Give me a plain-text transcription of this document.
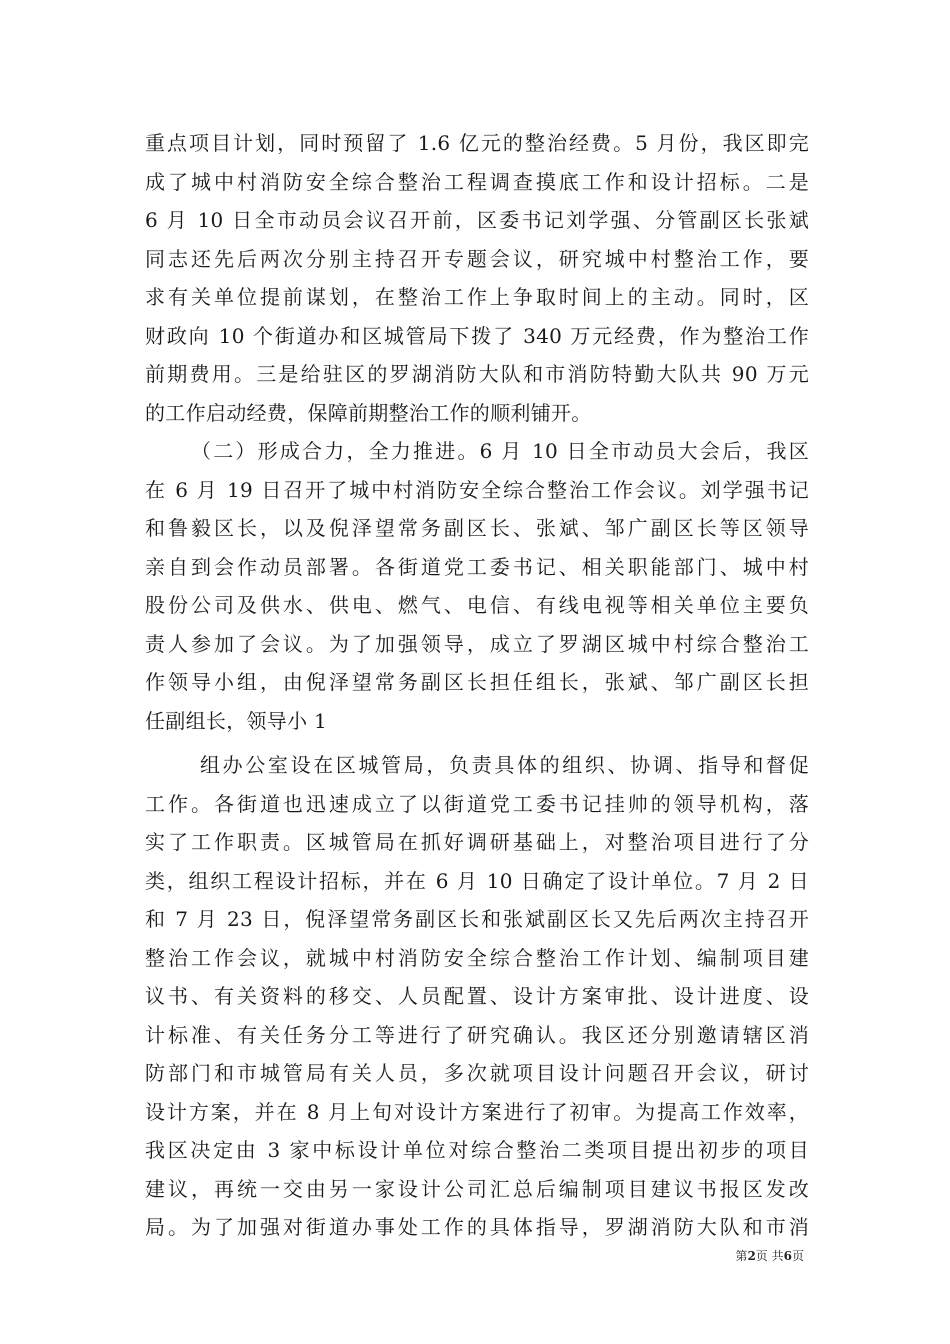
重点项目计划，同时预留了 1.6 亿元的整治经费。5 月份，我区即完
成了城中村消防安全综合整治工程调查摸底工作和设计招标。二是
6 月 10 日全市动员会议召开前，区委书记刘学强、分管副区长张斌
同志还先后两次分别主持召开专题会议，研究城中村整治工作，要
求有关单位提前谋划，在整治工作上争取时间上的主动。同时，区
财政向 10 个街道办和区城管局下拨了 340 万元经费，作为整治工作
前期费用。三是给驻区的罗湖消防大队和市消防特勤大队共 90 万元
的工作启动经费，保障前期整治工作的顺利铺开。
（二）形成合力，全力推进。6 月 10 日全市动员大会后，我区
在 6 月 19 日召开了城中村消防安全综合整治工作会议。刘学强书记
和鲁毅区长，以及倪泽望常务副区长、张斌、邹广副区长等区领导
亲自到会作动员部署。各街道党工委书记、相关职能部门、城中村
股份公司及供水、供电、燃气、电信、有线电视等相关单位主要负
责人参加了会议。为了加强领导，成立了罗湖区城中村综合整治工
作领导小组，由倪泽望常务副区长担任组长，张斌、邹广副区长担
任副组长，领导小 1
组办公室设在区城管局，负责具体的组织、协调、指导和督促
工作。各街道也迅速成立了以街道党工委书记挂帅的领导机构，落
实了工作职责。区城管局在抓好调研基础上，对整治项目进行了分
类，组织工程设计招标，并在 6 月 10 日确定了设计单位。7 月 2 日
和 7 月 23 日，倪泽望常务副区长和张斌副区长又先后两次主持召开
整治工作会议，就城中村消防安全综合整治工作计划、编制项目建
议书、有关资料的移交、人员配置、设计方案审批、设计进度、设
计标准、有关任务分工等进行了研究确认。我区还分别邀请辖区消
防部门和市城管局有关人员，多次就项目设计问题召开会议，研讨
设计方案，并在 8 月上旬对设计方案进行了初审。为提高工作效率，
我区决定由 3 家中标设计单位对综合整治二类项目提出初步的项目
建议，再统一交由另一家设计公司汇总后编制项目建议书报区发改
局。为了加强对街道办事处工作的具体指导，罗湖消防大队和市消
第2页 共6页
